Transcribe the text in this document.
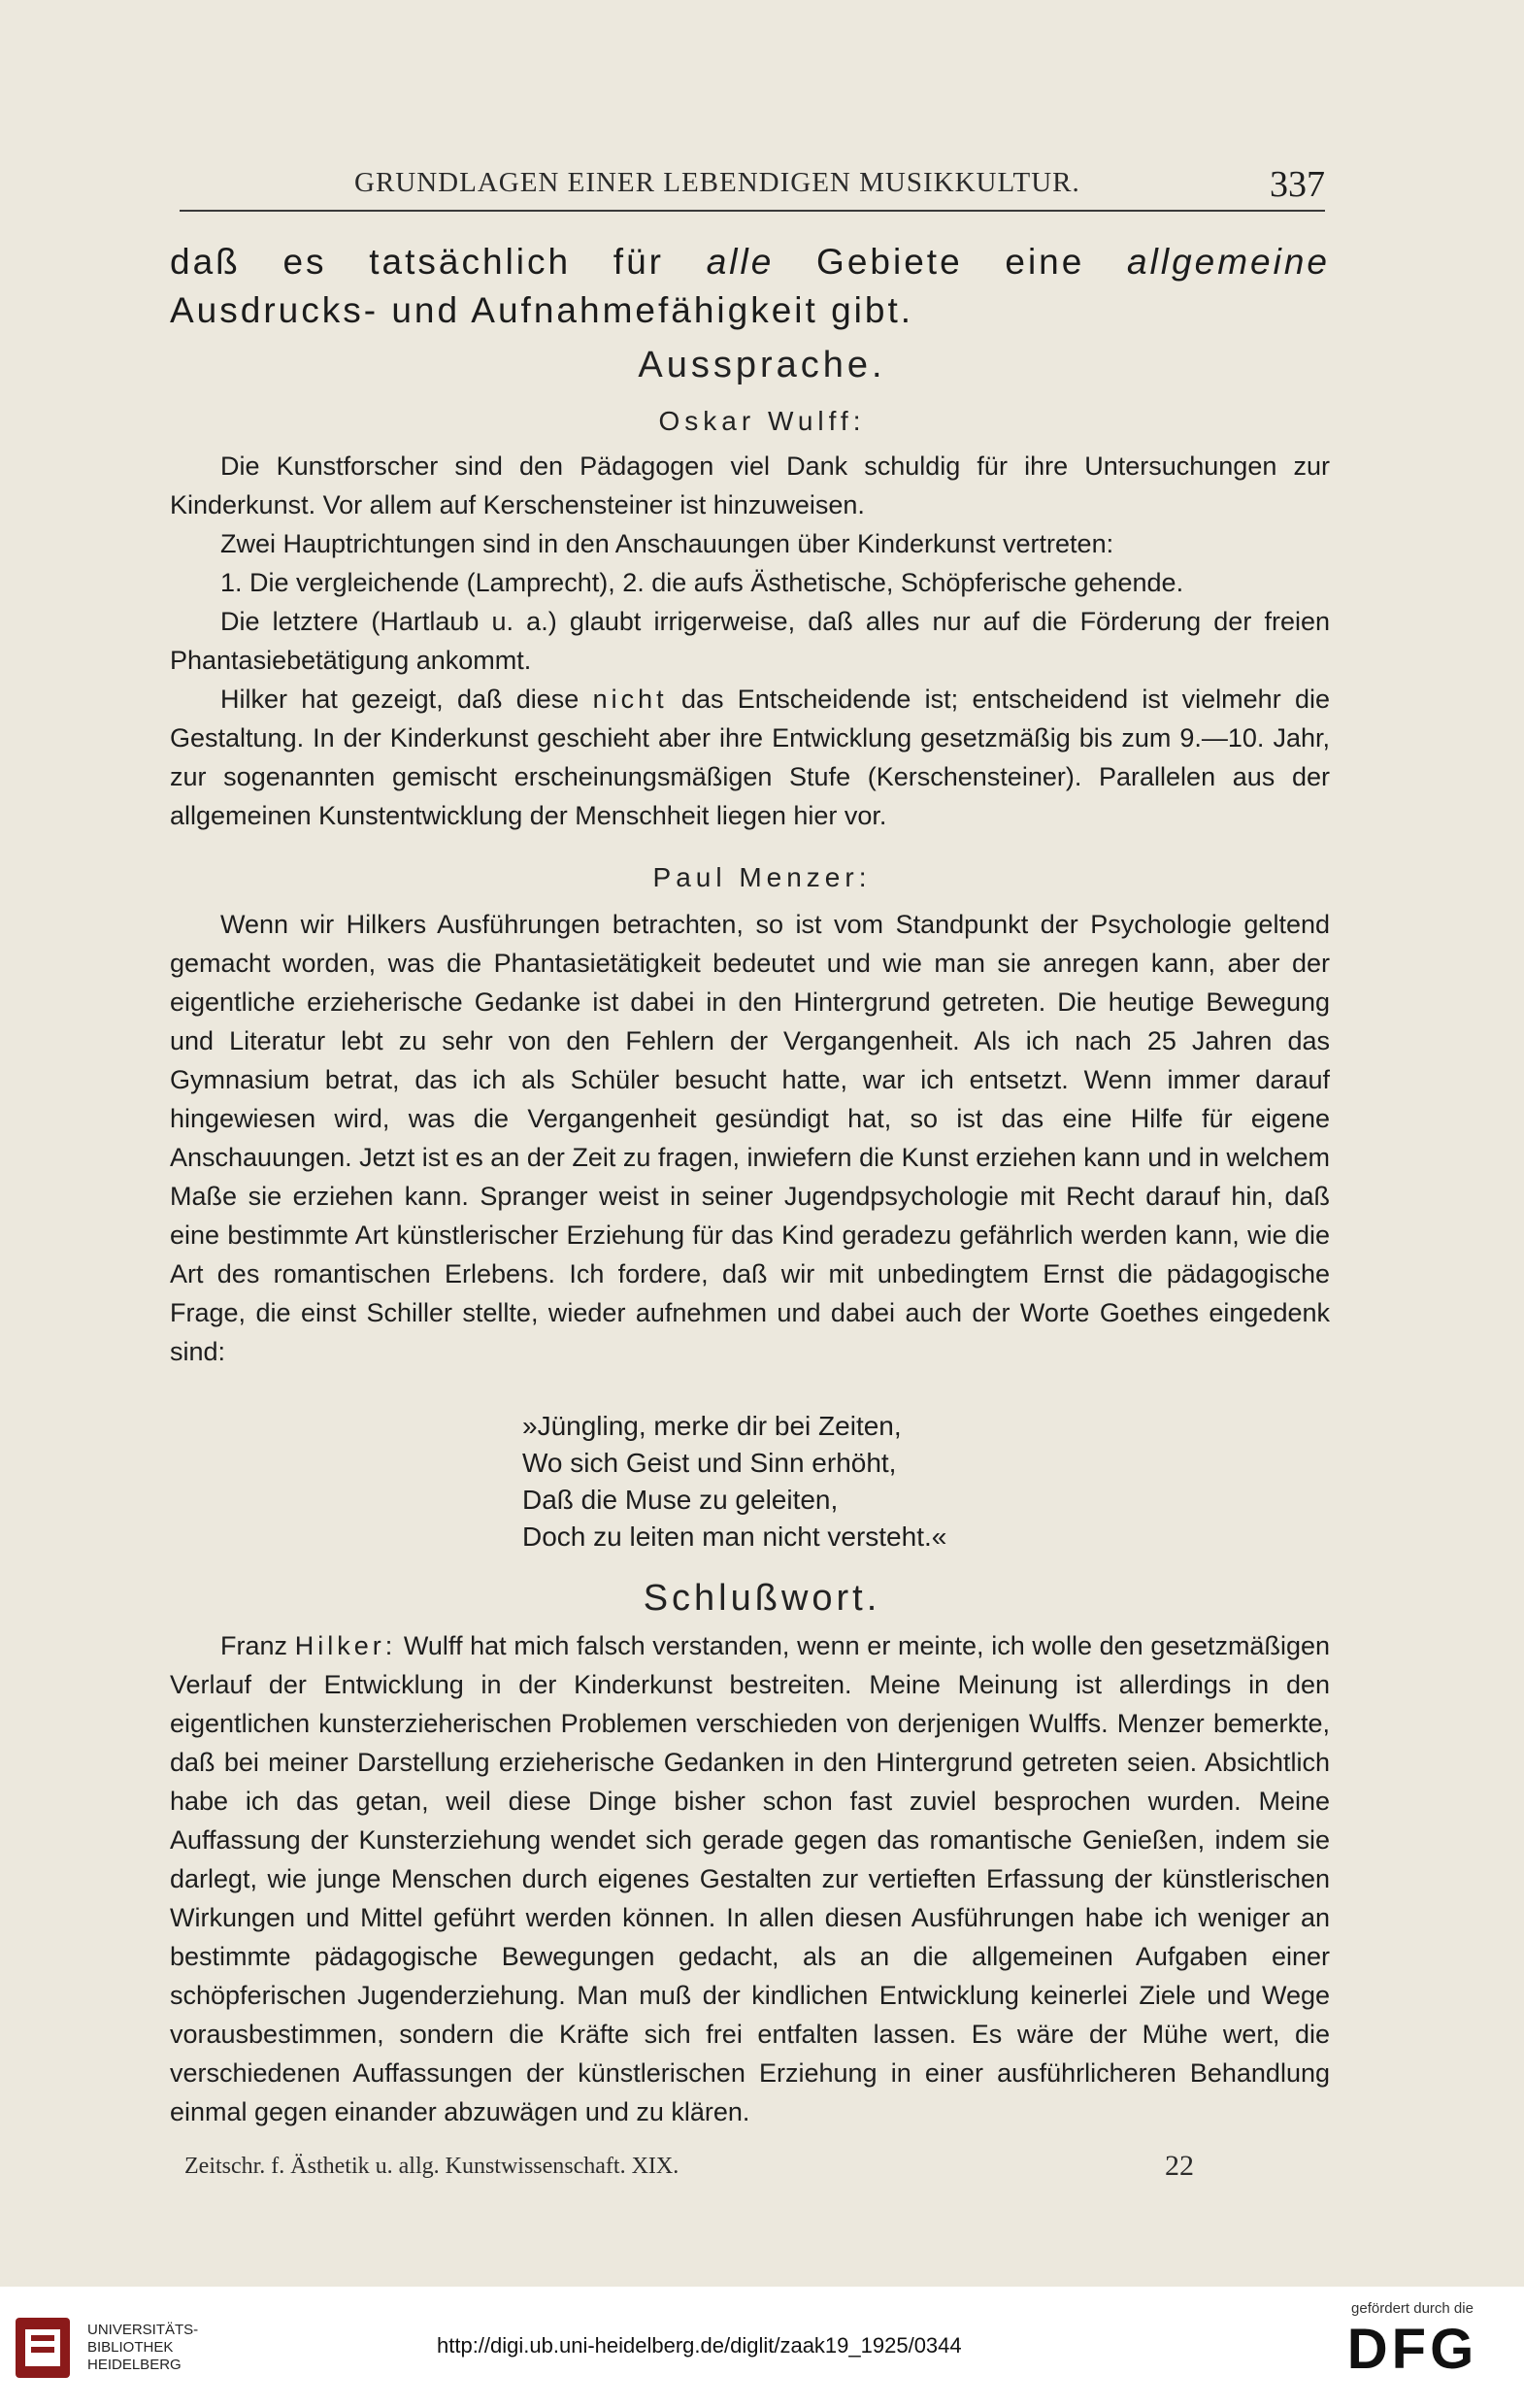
GRUNDLAGEN EINER LEBENDIGEN MUSIKKULTUR.	337
daß es tatsächlich für alle Gebiete eine allgemeine Ausdrucks- und Aufnahmefähigkeit gibt.
Aussprache.
Oskar Wulff:

Die Kunstforscher sind den Pädagogen viel Dank schuldig für ihre Untersuchungen zur Kinderkunst. Vor allem auf Kerschensteiner ist hinzuweisen.

Zwei Hauptrichtungen sind in den Anschauungen über Kinderkunst vertreten:

1. Die vergleichende (Lamprecht), 2. die aufs Ästhetische, Schöpferische gehende.

Die letztere (Hartlaub u. a.) glaubt irrigerweise, daß alles nur auf die Förderung der freien Phantasiebetätigung ankommt.

Hilker hat gezeigt, daß diese nicht das Entscheidende ist; entscheidend ist vielmehr die Gestaltung. In der Kinderkunst geschieht aber ihre Entwicklung gesetzmäßig bis zum 9.—10. Jahr, zur sogenannten gemischt erscheinungsmäßigen Stufe (Kerschensteiner). Parallelen aus der allgemeinen Kunstentwicklung der Menschheit liegen hier vor.

Paul Menzer:

Wenn wir Hilkers Ausführungen betrachten, so ist vom Standpunkt der Psychologie geltend gemacht worden, was die Phantasietätigkeit bedeutet und wie man sie anregen kann, aber der eigentliche erzieherische Gedanke ist dabei in den Hintergrund getreten. Die heutige Bewegung und Literatur lebt zu sehr von den Fehlern der Vergangenheit. Als ich nach 25 Jahren das Gymnasium betrat, das ich als Schüler besucht hatte, war ich entsetzt. Wenn immer darauf hingewiesen wird, was die Vergangenheit gesündigt hat, so ist das eine Hilfe für eigene Anschauungen. Jetzt ist es an der Zeit zu fragen, inwiefern die Kunst erziehen kann und in welchem Maße sie erziehen kann. Spranger weist in seiner Jugendpsychologie mit Recht darauf hin, daß eine bestimmte Art künstlerischer Erziehung für das Kind geradezu gefährlich werden kann, wie die Art des romantischen Erlebens. Ich fordere, daß wir mit unbedingtem Ernst die pädagogische Frage, die einst Schiller stellte, wieder aufnehmen und dabei auch der Worte Goethes eingedenk sind:

»Jüngling, merke dir bei Zeiten,
Wo sich Geist und Sinn erhöht,
Daß die Muse zu geleiten,
Doch zu leiten man nicht versteht.«
Schlußwort.

Franz Hilker: Wulff hat mich falsch verstanden, wenn er meinte, ich wolle den gesetzmäßigen Verlauf der Entwicklung in der Kinderkunst bestreiten. Meine Meinung ist allerdings in den eigentlichen kunsterzieherischen Problemen verschieden von derjenigen Wulffs. Menzer bemerkte, daß bei meiner Darstellung erzieherische Gedanken in den Hintergrund getreten seien. Absichtlich habe ich das getan, weil diese Dinge bisher schon fast zuviel besprochen wurden. Meine Auffassung der Kunsterziehung wendet sich gerade gegen das romantische Genießen, indem sie darlegt, wie junge Menschen durch eigenes Gestalten zur vertieften Erfassung der künstlerischen Wirkungen und Mittel geführt werden können. In allen diesen Ausführungen habe ich weniger an bestimmte pädagogische Bewegungen gedacht, als an die allgemeinen Aufgaben einer schöpferischen Jugenderziehung. Man muß der kindlichen Entwicklung keinerlei Ziele und Wege vorausbestimmen, sondern die Kräfte sich frei entfalten lassen. Es wäre der Mühe wert, die verschiedenen Auffassungen der künstlerischen Erziehung in einer ausführlicheren Behandlung einmal gegen einander abzuwägen und zu klären.

Zeitschr. f. Ästhetik u. allg. Kunstwissenschaft. XIX.	22
UNIVERSITÄTS-
BIBLIOTHEK
HEIDELBERG
http://digi.ub.uni-heidelberg.de/diglit/zaak19_1925/0344
gefördert durch die
DFG
